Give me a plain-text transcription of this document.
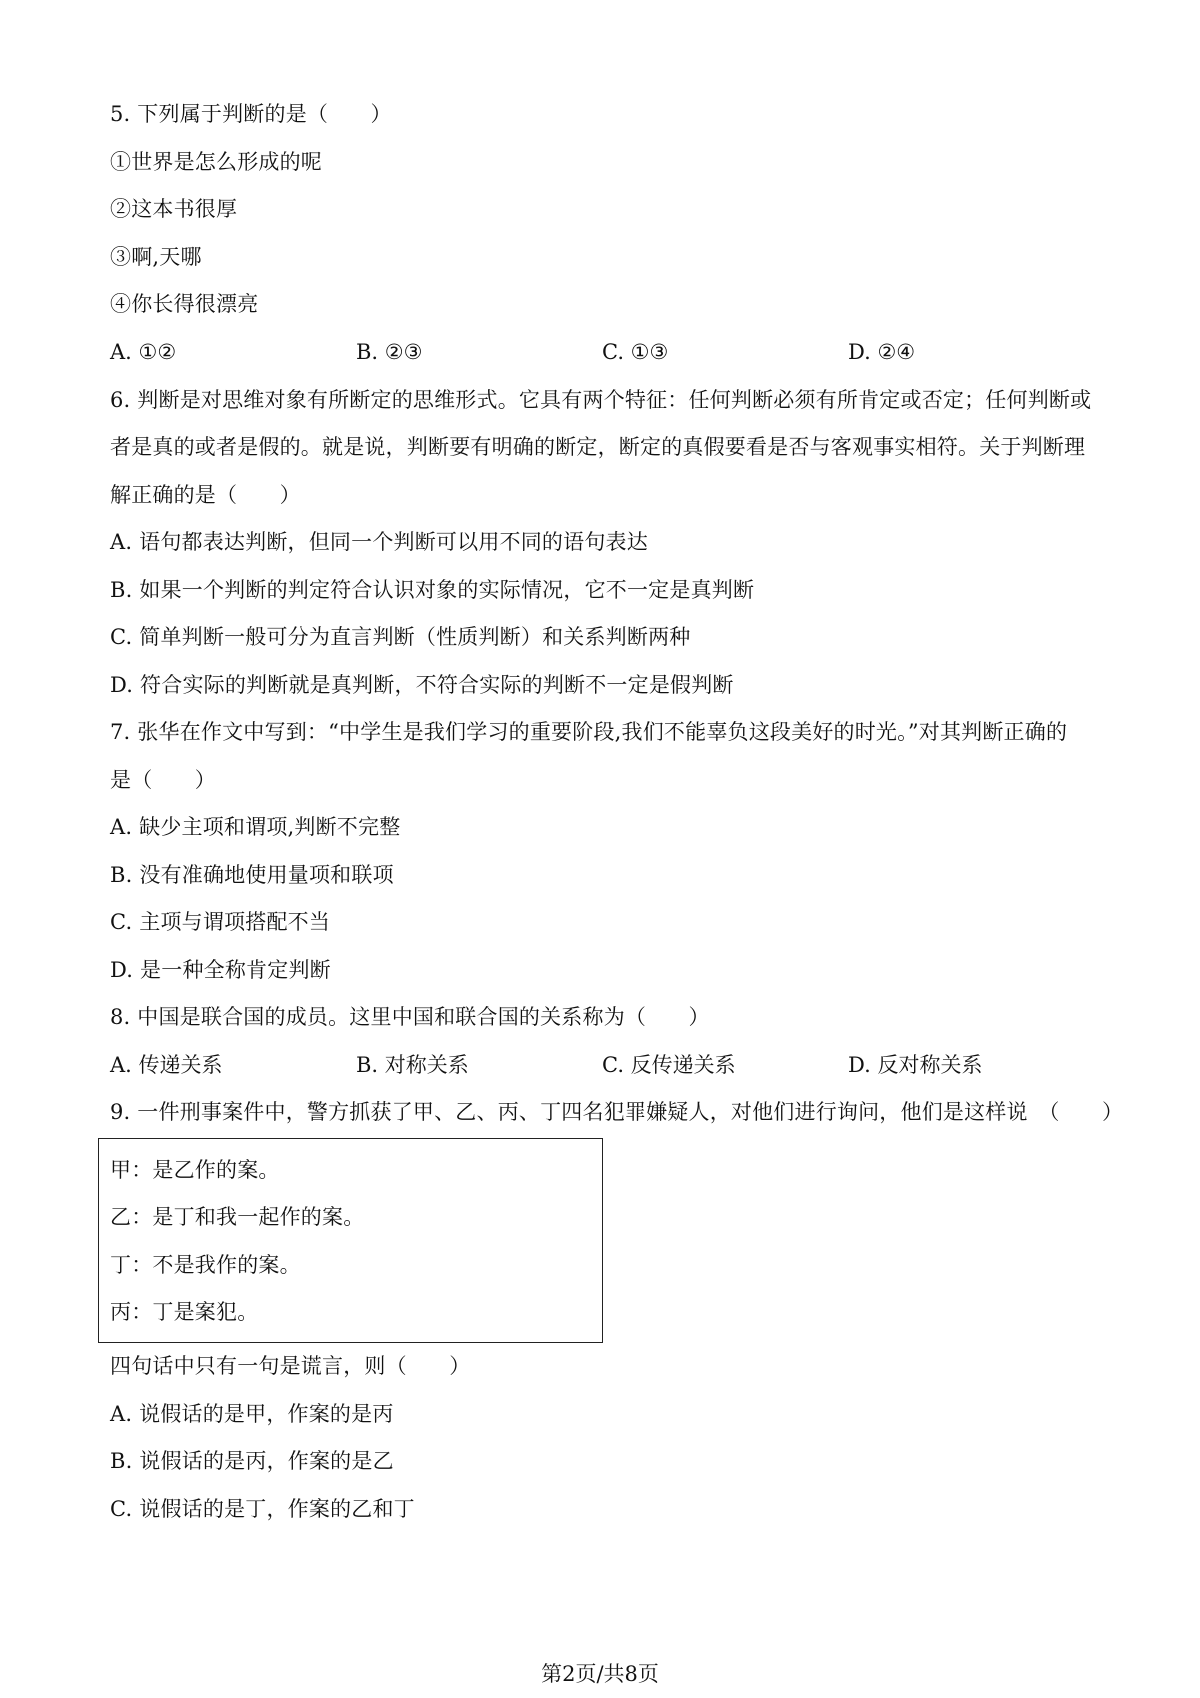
5. 下列属于判断的是（　　）
①世界是怎么形成的呢
②这本书很厚
③啊,天哪
④你长得很漂亮
A. ①②	B. ②③	C. ①③	D. ②④
6. 判断是对思维对象有所断定的思维形式。它具有两个特征：任何判断必须有所肯定或否定；任何判断或
者是真的或者是假的。就是说，判断要有明确的断定，断定的真假要看是否与客观事实相符。关于判断理
解正确的是（　　）
A. 语句都表达判断，但同一个判断可以用不同的语句表达
B. 如果一个判断的判定符合认识对象的实际情况，它不一定是真判断
C. 简单判断一般可分为直言判断（性质判断）和关系判断两种
D. 符合实际的判断就是真判断，不符合实际的判断不一定是假判断
7. 张华在作文中写到：“中学生是我们学习的重要阶段,我们不能辜负这段美好的时光。”对其判断正确的
是（　　）
A. 缺少主项和谓项,判断不完整
B. 没有准确地使用量项和联项
C. 主项与谓项搭配不当
D. 是一种全称肯定判断
8. 中国是联合国的成员。这里中国和联合国的关系称为（　　）
A. 传递关系	B. 对称关系	C. 反传递关系	D. 反对称关系
9. 一件刑事案件中，警方抓获了甲、乙、丙、丁四名犯罪嫌疑人，对他们进行询问，他们是这样说　（　　）
甲：是乙作的案。
乙：是丁和我一起作的案。
丁：不是我作的案。
丙：丁是案犯。
四句话中只有一句是谎言，则（　　）
A. 说假话的是甲，作案的是丙
B. 说假话的是丙，作案的是乙
C. 说假话的是丁，作案的乙和丁
第2页/共8页
